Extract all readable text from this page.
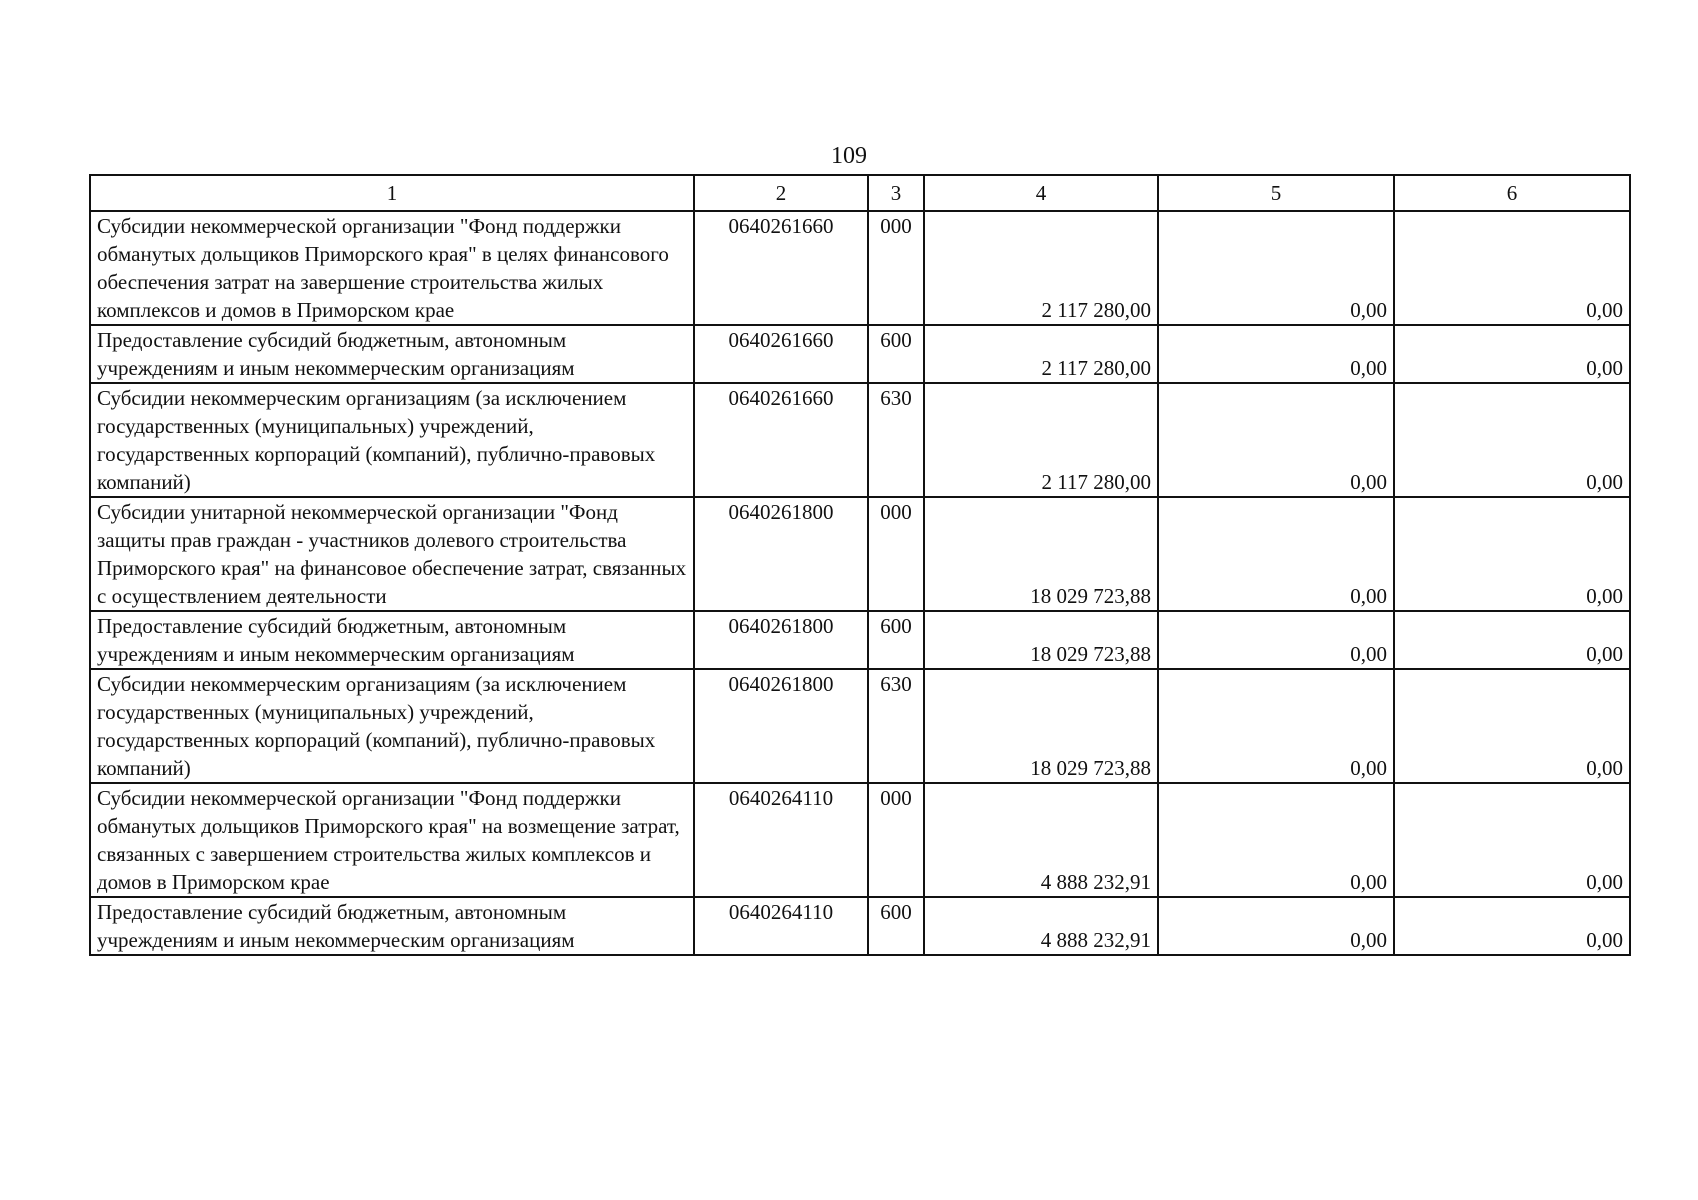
109
1	2	3	4	5	6
Субсидии некоммерческой организации "Фонд поддержки обманутых дольщиков Приморского края" в целях финансового обеспечения затрат на завершение строительства жилых комплексов и домов в Приморском крае	0640261660	000	2 117 280,00	0,00	0,00
Предоставление субсидий бюджетным, автономным учреждениям и иным некоммерческим организациям	0640261660	600	2 117 280,00	0,00	0,00
Субсидии некоммерческим организациям (за исключением государственных (муниципальных) учреждений, государственных корпораций (компаний), публично-правовых компаний)	0640261660	630	2 117 280,00	0,00	0,00
Субсидии унитарной некоммерческой организации "Фонд защиты прав граждан - участников долевого строительства Приморского края" на финансовое обеспечение затрат, связанных с осуществлением деятельности	0640261800	000	18 029 723,88	0,00	0,00
Предоставление субсидий бюджетным, автономным учреждениям и иным некоммерческим организациям	0640261800	600	18 029 723,88	0,00	0,00
Субсидии некоммерческим организациям (за исключением государственных (муниципальных) учреждений, государственных корпораций (компаний), публично-правовых компаний)	0640261800	630	18 029 723,88	0,00	0,00
Субсидии некоммерческой организации "Фонд поддержки обманутых дольщиков Приморского края" на возмещение затрат, связанных с завершением строительства жилых комплексов и домов в Приморском крае	0640264110	000	4 888 232,91	0,00	0,00
Предоставление субсидий бюджетным, автономным учреждениям и иным некоммерческим организациям	0640264110	600	4 888 232,91	0,00	0,00
